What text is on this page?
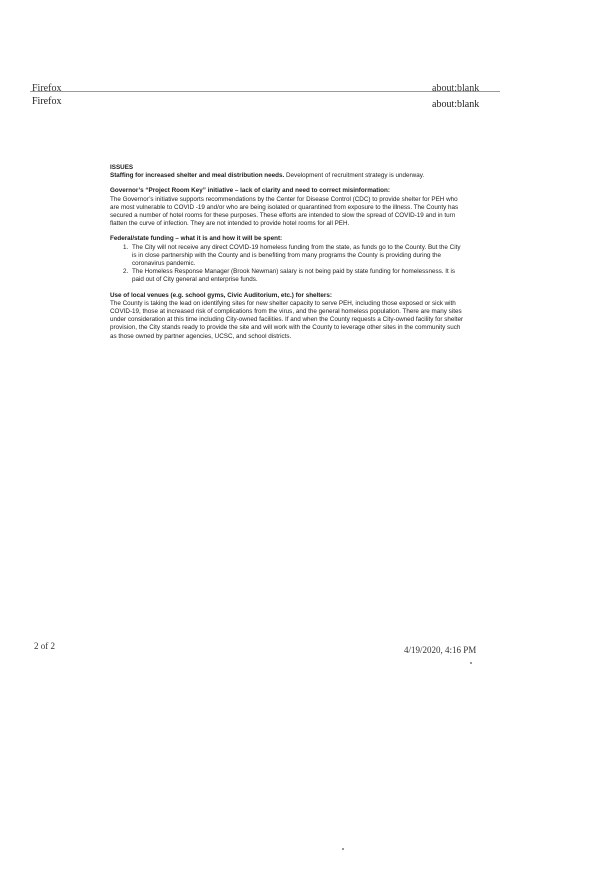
Firefox	about:blank
Firefox	about:blank

ISSUES

Staffing for increased shelter and meal distribution needs. Development of recruitment strategy is underway.

Governor’s “Project Room Key” initiative – lack of clarity and need to correct misinformation:

The Governor’s initiative supports recommendations by the Center for Disease Control (CDC) to provide shelter for PEH who are most vulnerable to COVID -19 and/or who are being isolated or quarantined from exposure to the illness. The County has secured a number of hotel rooms for these purposes. These efforts are intended to slow the spread of COVID-19 and in turn flatten the curve of infection. They are not intended to provide hotel rooms for all PEH.

Federal/state funding – what it is and how it will be spent:

1. The City will not receive any direct COVID-19 homeless funding from the state, as funds go to the County. But the City is in close partnership with the County and is benefiting from many programs the County is providing during the coronavirus pandemic.
2. The Homeless Response Manager (Brook Newman) salary is not being paid by state funding for homelessness. It is paid out of City general and enterprise funds.

Use of local venues (e.g. school gyms, Civic Auditorium, etc.) for shelters:

The County is taking the lead on identifying sites for new shelter capacity to serve PEH, including those exposed or sick with COVID-19, those at increased risk of complications from the virus, and the general homeless population. There are many sites under consideration at this time including City-owned facilities. If and when the County requests a City-owned facility for shelter provision, the City stands ready to provide the site and will work with the County to leverage other sites in the community such as those owned by partner agencies, UCSC, and school districts.

2 of 2	4/19/2020, 4:16 PM
